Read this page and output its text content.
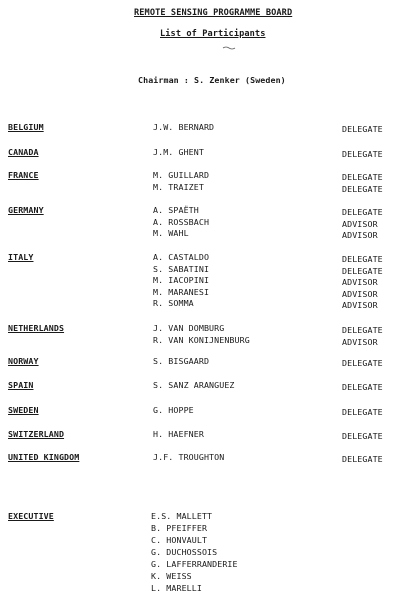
REMOTE SENSING PROGRAMME BOARD
List of Participants
Chairman : S. Zenker (Sweden)
BELGIUM	J.W. BERNARD	DELEGATE
CANADA	J.M. GHENT	DELEGATE
FRANCE	M. GUILLARD	DELEGATE
M. TRAIZET	DELEGATE
GERMANY	A. SPAËTH	DELEGATE
A. ROSSBACH	ADVISOR
M. WAHL	ADVISOR
ITALY	A. CASTALDO	DELEGATE
S. SABATINI	DELEGATE
M. IACOPINI	ADVISOR
M. MARANESI	ADVISOR
R. SOMMA	ADVISOR
NETHERLANDS	J. VAN DOMBURG	DELEGATE
R. VAN KONIJNENBURG	ADVISOR
NORWAY	S. BISGAARD	DELEGATE
SPAIN	S. SANZ ARANGUEZ	DELEGATE
SWEDEN	G. HOPPE	DELEGATE
SWITZERLAND	H. HAEFNER	DELEGATE
UNITED KINGDOM	J.F. TROUGHTON	DELEGATE
EXECUTIVE	E.S. MALLETT
B. PFEIFFER
C. HONVAULT
G. DUCHOSSOIS
G. LAFFERRANDERIE
K. WEISS
L. MARELLI
